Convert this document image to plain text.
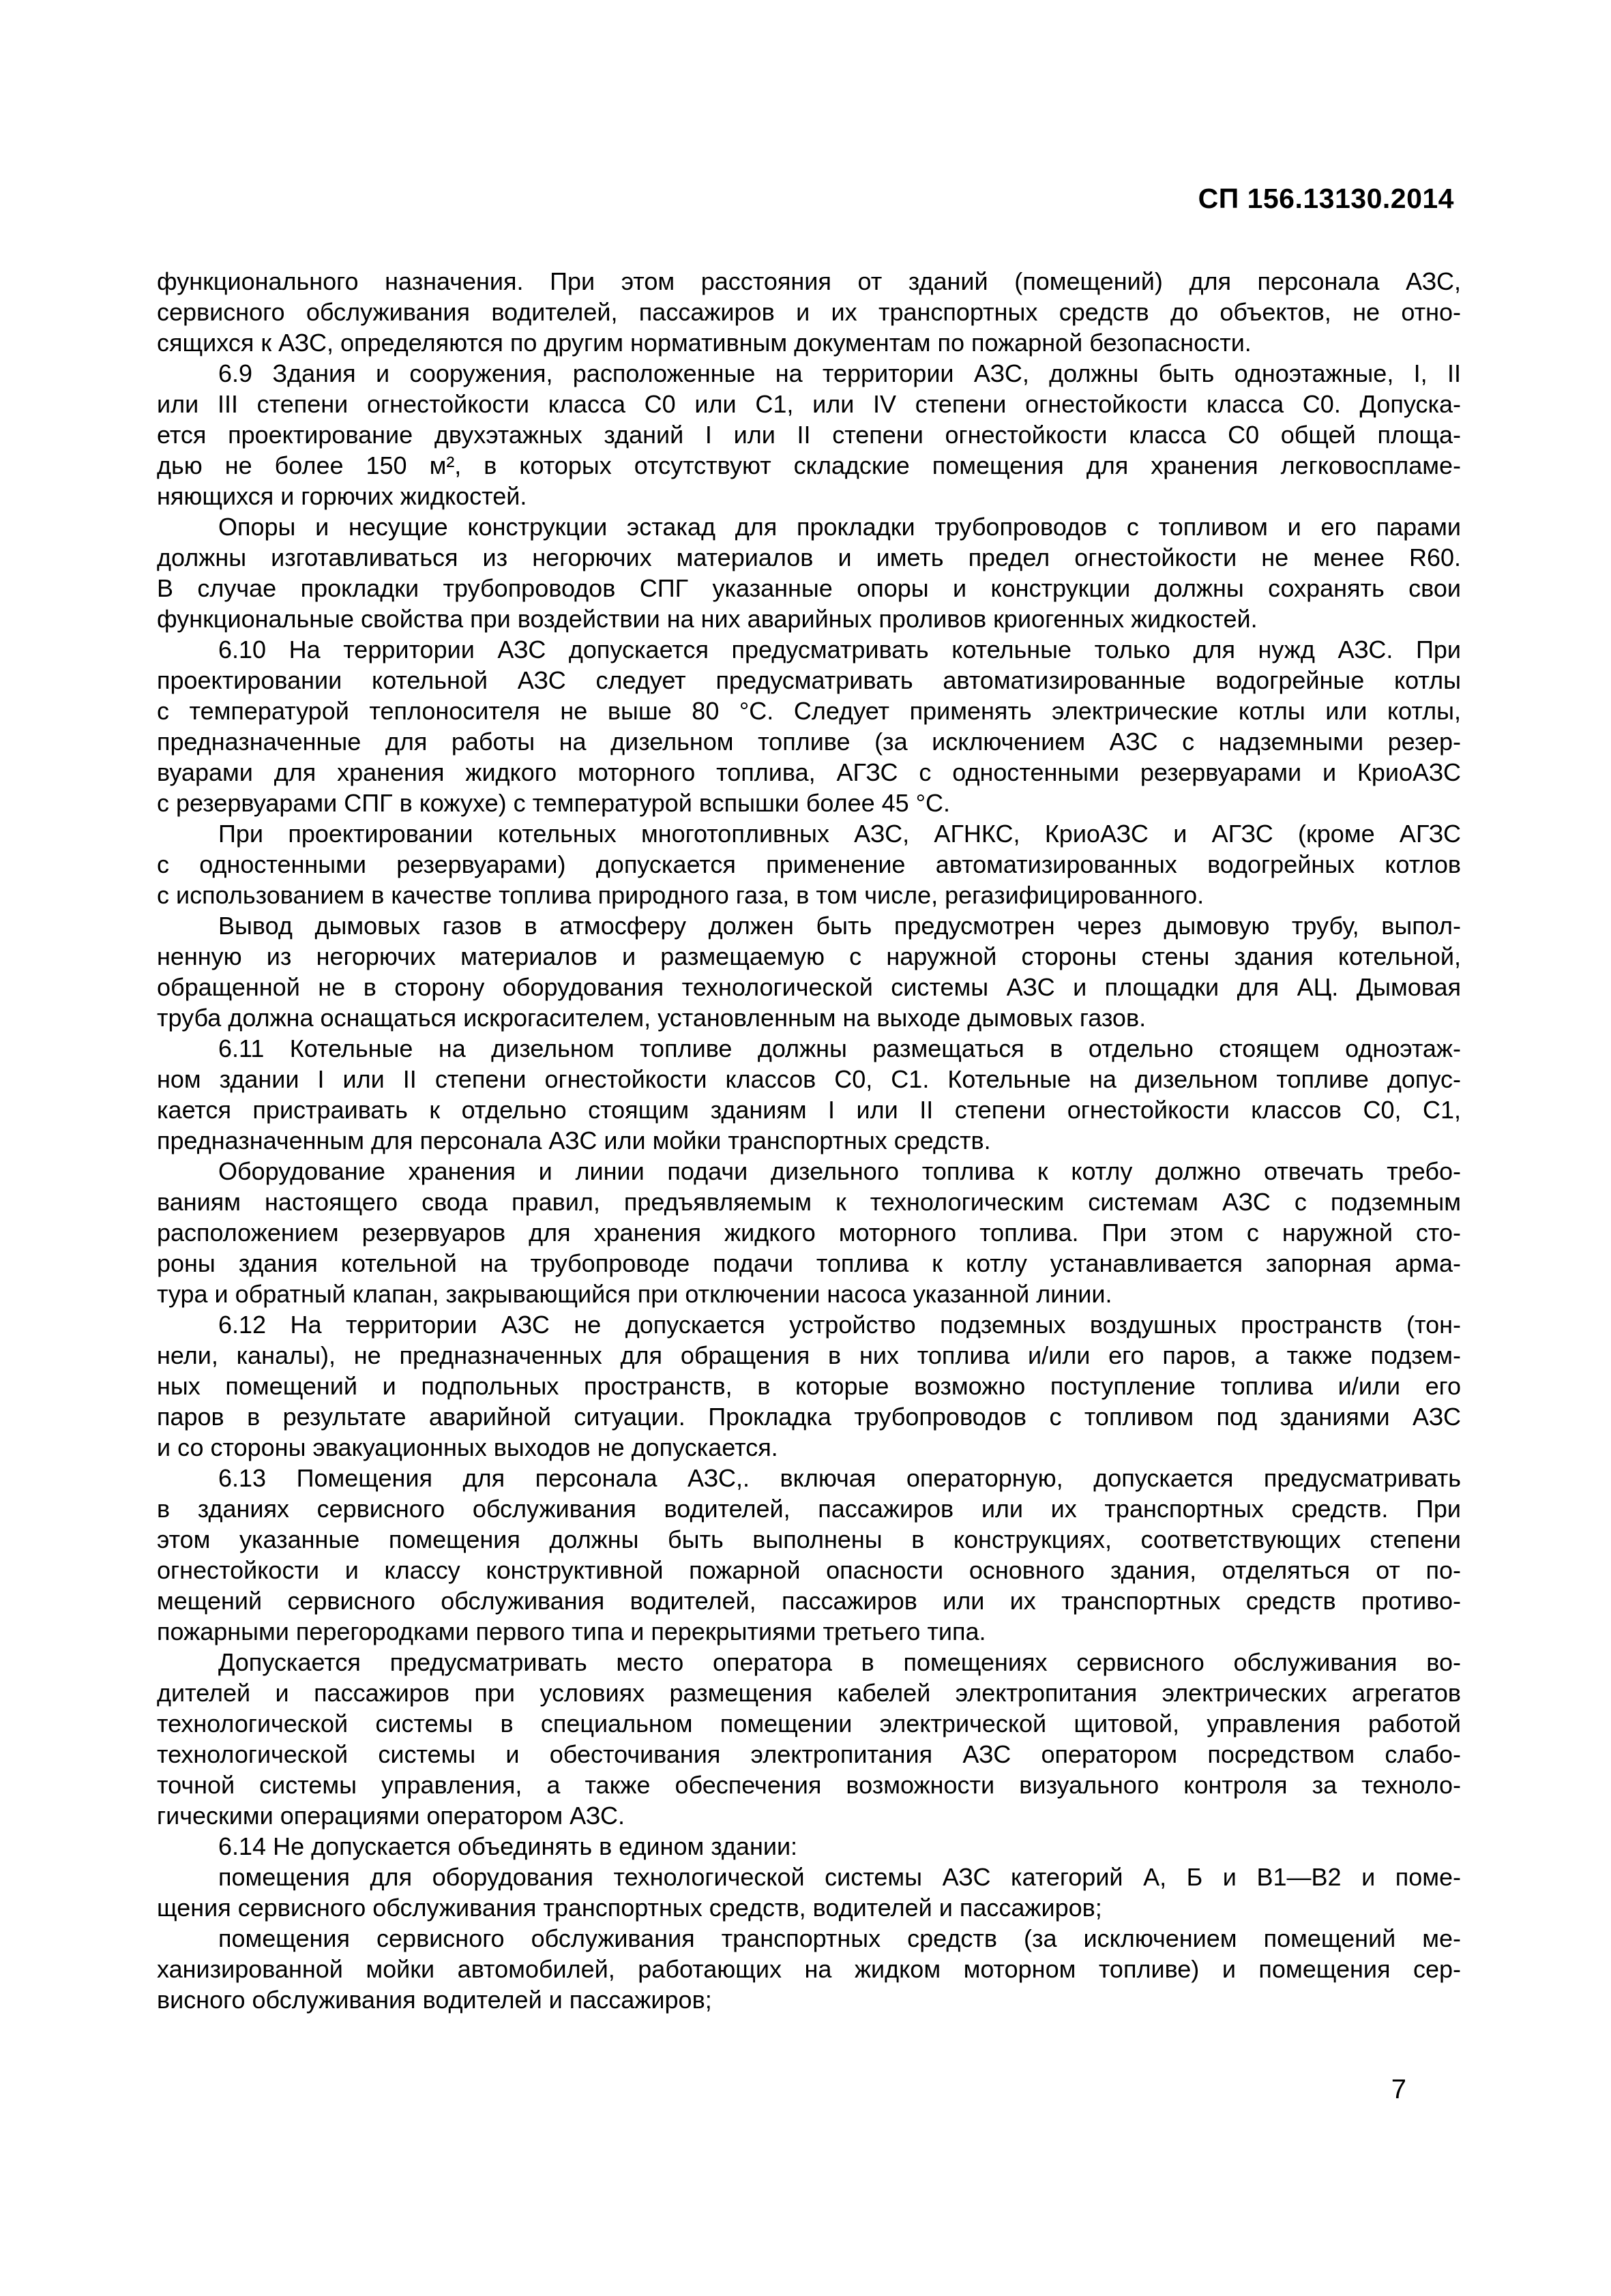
СП 156.13130.2014
функционального назначения. При этом расстояния от зданий (помещений) для персонала АЗС,
сервисного обслуживания водителей, пассажиров и их транспортных средств до объектов, не отно-
сящихся к АЗС, определяются по другим нормативным документам по пожарной безопасности.
6.9 Здания и сооружения, расположенные на территории АЗС, должны быть одноэтажные, I, II
или III степени огнестойкости класса С0 или С1, или IV степени огнестойкости класса С0. Допуска-
ется проектирование двухэтажных зданий I или II степени огнестойкости класса С0 общей площа-
дью не более 150 м², в которых отсутствуют складские помещения для хранения легковоспламе-
няющихся и горючих жидкостей.
Опоры и несущие конструкции эстакад для прокладки трубопроводов с топливом и его парами
должны изготавливаться из негорючих материалов и иметь предел огнестойкости не менее R60.
В случае прокладки трубопроводов СПГ указанные опоры и конструкции должны сохранять свои
функциональные свойства при воздействии на них аварийных проливов криогенных жидкостей.
6.10 На территории АЗС допускается предусматривать котельные только для нужд АЗС. При
проектировании котельной АЗС следует предусматривать автоматизированные водогрейные котлы
с температурой теплоносителя не выше 80 °С. Следует применять электрические котлы или котлы,
предназначенные для работы на дизельном топливе (за исключением АЗС с надземными резер-
вуарами для хранения жидкого моторного топлива, АГЗС с одностенными резервуарами и КриоАЗС
с резервуарами СПГ в кожухе) с температурой вспышки более 45 °С.
При проектировании котельных многотопливных АЗС, АГНКС, КриоАЗС и АГЗС (кроме АГЗС
с одностенными резервуарами) допускается применение автоматизированных водогрейных котлов
с использованием в качестве топлива природного газа, в том числе, регазифицированного.
Вывод дымовых газов в атмосферу должен быть предусмотрен через дымовую трубу, выпол-
ненную из негорючих материалов и размещаемую с наружной стороны стены здания котельной,
обращенной не в сторону оборудования технологической системы АЗС и площадки для АЦ. Дымовая
труба должна оснащаться искрогасителем, установленным на выходе дымовых газов.
6.11 Котельные на дизельном топливе должны размещаться в отдельно стоящем одноэтаж-
ном здании I или II степени огнестойкости классов С0, С1. Котельные на дизельном топливе допус-
кается пристраивать к отдельно стоящим зданиям I или II степени огнестойкости классов С0, С1,
предназначенным для персонала АЗС или мойки транспортных средств.
Оборудование хранения и линии подачи дизельного топлива к котлу должно отвечать требо-
ваниям настоящего свода правил, предъявляемым к технологическим системам АЗС с подземным
расположением резервуаров для хранения жидкого моторного топлива. При этом с наружной сто-
роны здания котельной на трубопроводе подачи топлива к котлу устанавливается запорная арма-
тура и обратный клапан, закрывающийся при отключении насоса указанной линии.
6.12 На территории АЗС не допускается устройство подземных воздушных пространств (тон-
нели, каналы), не предназначенных для обращения в них топлива и/или его паров, а также подзем-
ных помещений и подпольных пространств, в которые возможно поступление топлива и/или его
паров в результате аварийной ситуации. Прокладка трубопроводов с топливом под зданиями АЗС
и со стороны эвакуационных выходов не допускается.
6.13 Помещения для персонала АЗС,. включая операторную, допускается предусматривать
в зданиях сервисного обслуживания водителей, пассажиров или их транспортных средств. При
этом указанные помещения должны быть выполнены в конструкциях, соответствующих степени
огнестойкости и классу конструктивной пожарной опасности основного здания, отделяться от по-
мещений сервисного обслуживания водителей, пассажиров или их транспортных средств противо-
пожарными перегородками первого типа и перекрытиями третьего типа.
Допускается предусматривать место оператора в помещениях сервисного обслуживания во-
дителей и пассажиров при условиях размещения кабелей электропитания электрических агрегатов
технологической системы в специальном помещении электрической щитовой, управления работой
технологической системы и обесточивания электропитания АЗС оператором посредством слабо-
точной системы управления, а также обеспечения возможности визуального контроля за техноло-
гическими операциями оператором АЗС.
6.14 Не допускается объединять в едином здании:
помещения для оборудования технологической системы АЗС категорий А, Б и В1—В2 и поме-
щения сервисного обслуживания транспортных средств, водителей и пассажиров;
помещения сервисного обслуживания транспортных средств (за исключением помещений ме-
ханизированной мойки автомобилей, работающих на жидком моторном топливе) и помещения сер-
висного обслуживания водителей и пассажиров;
7
